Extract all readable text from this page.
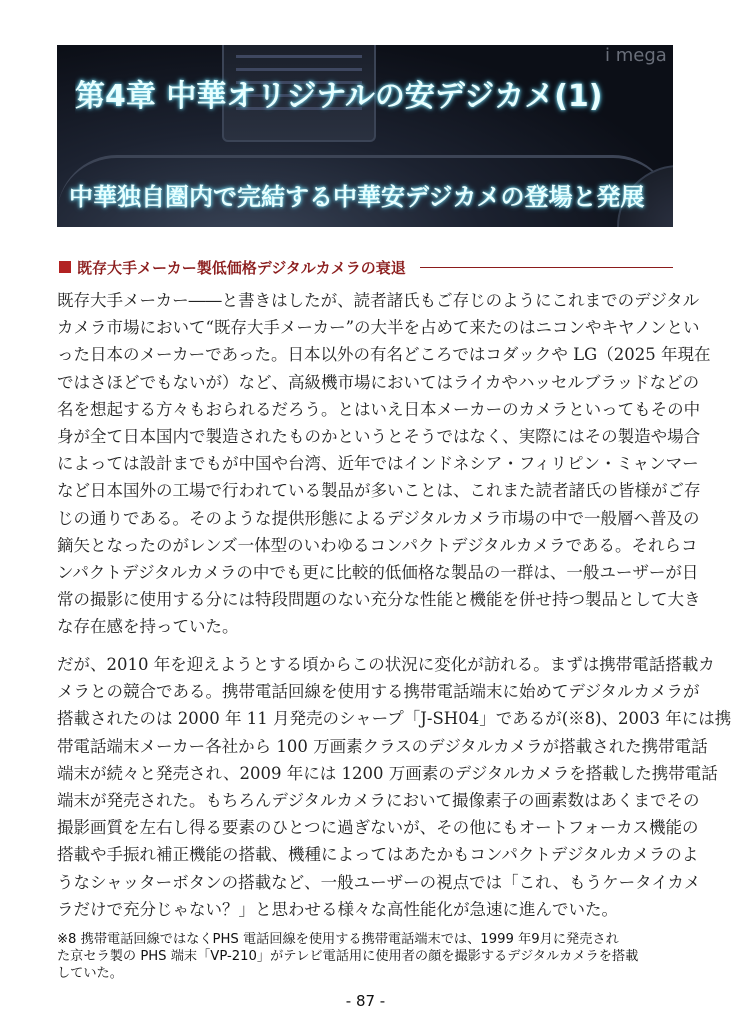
i mega
第4章 中華オリジナルの安デジカメ(1)
中華独自圏内で完結する中華安デジカメの登場と発展
既存大手メーカー製低価格デジタルカメラの衰退
既存大手メーカー――と書きはしたが、読者諸氏もご存じのようにこれまでのデジタル
カメラ市場において“既存大手メーカー”の大半を占めて来たのはニコンやキヤノンとい
った日本のメーカーであった。日本以外の有名どころではコダックや LG（2025 年現在
ではさほどでもないが）など、高級機市場においてはライカやハッセルブラッドなどの
名を想起する方々もおられるだろう。とはいえ日本メーカーのカメラといってもその中
身が全て日本国内で製造されたものかというとそうではなく、実際にはその製造や場合
によっては設計までもが中国や台湾、近年ではインドネシア・フィリピン・ミャンマー
など日本国外の工場で行われている製品が多いことは、これまた読者諸氏の皆様がご存
じの通りである。そのような提供形態によるデジタルカメラ市場の中で一般層へ普及の
鏑矢となったのがレンズ一体型のいわゆるコンパクトデジタルカメラである。それらコ
ンパクトデジタルカメラの中でも更に比較的低価格な製品の一群は、一般ユーザーが日
常の撮影に使用する分には特段問題のない充分な性能と機能を併せ持つ製品として大き
な存在感を持っていた。
だが、2010 年を迎えようとする頃からこの状況に変化が訪れる。まずは携帯電話搭載カ
メラとの競合である。携帯電話回線を使用する携帯電話端末に始めてデジタルカメラが
搭載されたのは 2000 年 11 月発売のシャープ「J-SH04」であるが(※8)、2003 年には携
帯電話端末メーカー各社から 100 万画素クラスのデジタルカメラが搭載された携帯電話
端末が続々と発売され、2009 年には 1200 万画素のデジタルカメラを搭載した携帯電話
端末が発売された。もちろんデジタルカメラにおいて撮像素子の画素数はあくまでその
撮影画質を左右し得る要素のひとつに過ぎないが、その他にもオートフォーカス機能の
搭載や手振れ補正機能の搭載、機種によってはあたかもコンパクトデジタルカメラのよ
うなシャッターボタンの搭載など、一般ユーザーの視点では「これ、もうケータイカメ
ラだけで充分じゃない？」と思わせる様々な高性能化が急速に進んでいた。
※8 携帯電話回線ではなくPHS 電話回線を使用する携帯電話端末では、1999 年9月に発売され
た京セラ製の PHS 端末「VP-210」がテレビ電話用に使用者の顔を撮影するデジタルカメラを搭載
していた。
- 87 -
